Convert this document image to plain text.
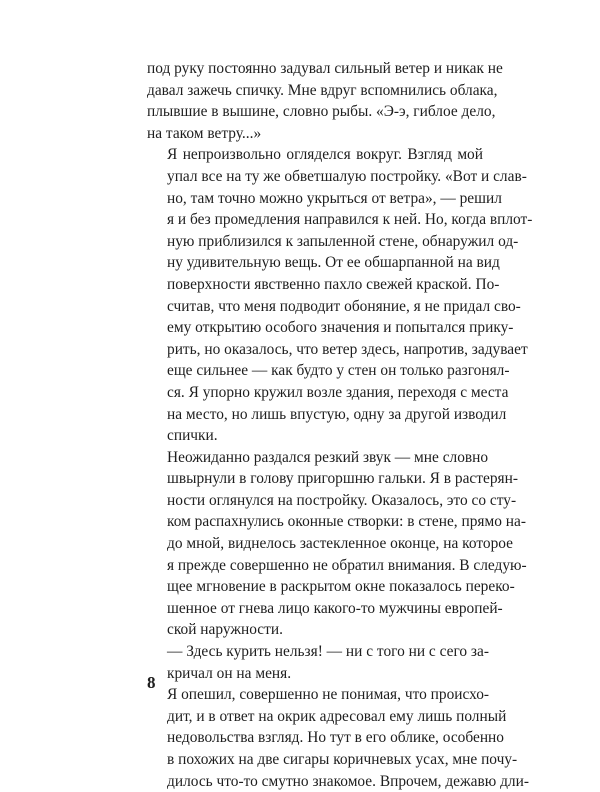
под руку постоянно задувал сильный ветер и никак не
давал зажечь спичку. Мне вдруг вспомнились облака,
плывшие в вышине, словно рыбы. «Э-э, гиблое дело,
на таком ветру...»

Я непроизвольно огляделся вокруг. Взгляд мой
упал все на ту же обветшалую постройку. «Вот и слав-
но, там точно можно укрыться от ветра», — решил
я и без промедления направился к ней. Но, когда вплот-
ную приблизился к запыленной стене, обнаружил од-
ну удивительную вещь. От ее обшарпанной на вид
поверхности явственно пахло свежей краской. По-
считав, что меня подводит обоняние, я не придал сво-
ему открытию особого значения и попытался прику-
рить, но оказалось, что ветер здесь, напротив, задувает
еще сильнее — как будто у стен он только разгонял-
ся. Я упорно кружил возле здания, переходя с места
на место, но лишь впустую, одну за другой изводил
спички.

Неожиданно раздался резкий звук — мне словно
швырнули в голову пригоршню гальки. Я в растерян-
ности оглянулся на постройку. Оказалось, это со сту-
ком распахнулись оконные створки: в стене, прямо на-
до мной, виднелось застекленное оконце, на которое
я прежде совершенно не обратил внимания. В следую-
щее мгновение в раскрытом окне показалось переко-
шенное от гнева лицо какого-то мужчины европей-
ской наружности.

— Здесь курить нельзя! — ни с того ни с сего за-
кричал он на меня.

Я опешил, совершенно не понимая, что происхо-
дит, и в ответ на окрик адресовал ему лишь полный
недовольства взгляд. Но тут в его облике, особенно
в похожих на две сигары коричневых усах, мне почу-
дилось что-то смутно знакомое. Впрочем, дежавю дли-

8
